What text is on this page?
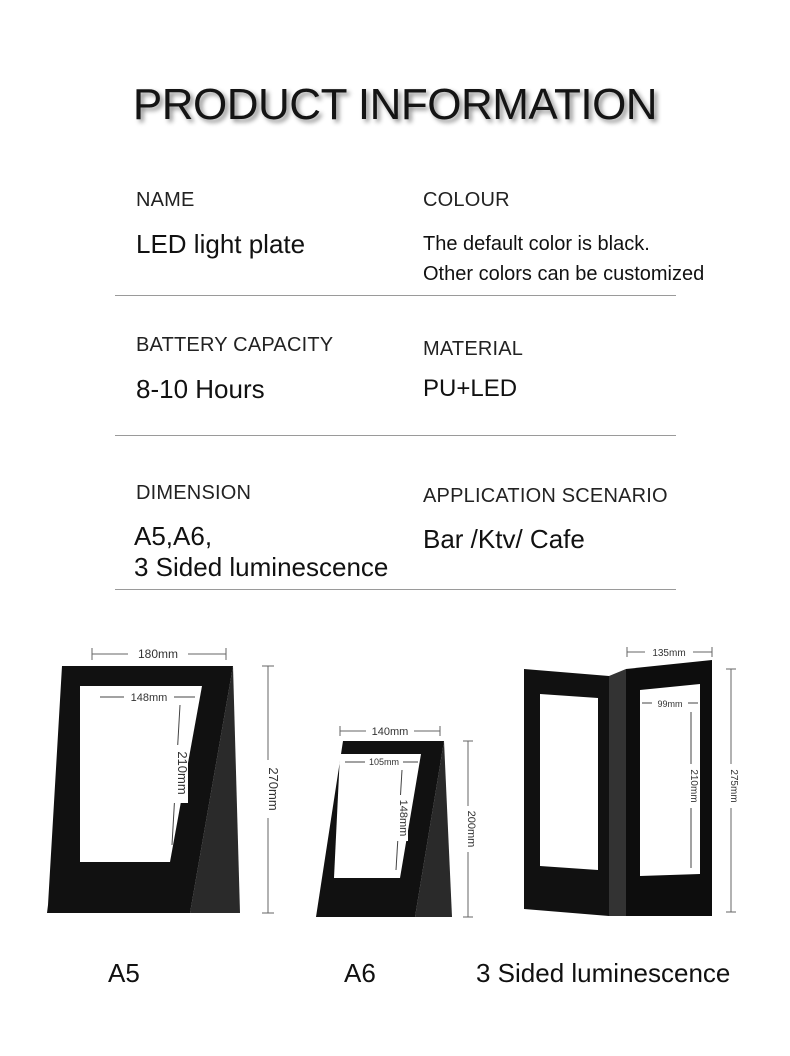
PRODUCT INFORMATION
NAME
LED light plate
COLOUR
The default color is black.
Other colors can be customized
BATTERY CAPACITY
8-10 Hours
MATERIAL
PU+LED
DIMENSION
A5,A6,
3 Sided luminescence
APPLICATION SCENARIO
Bar /Ktv/ Cafe
180mm
148mm
210mm	270mm
140mm
105mm
148mm	200mm
135mm
99mm
210mm	275mm
A5	A6	3 Sided luminescence
